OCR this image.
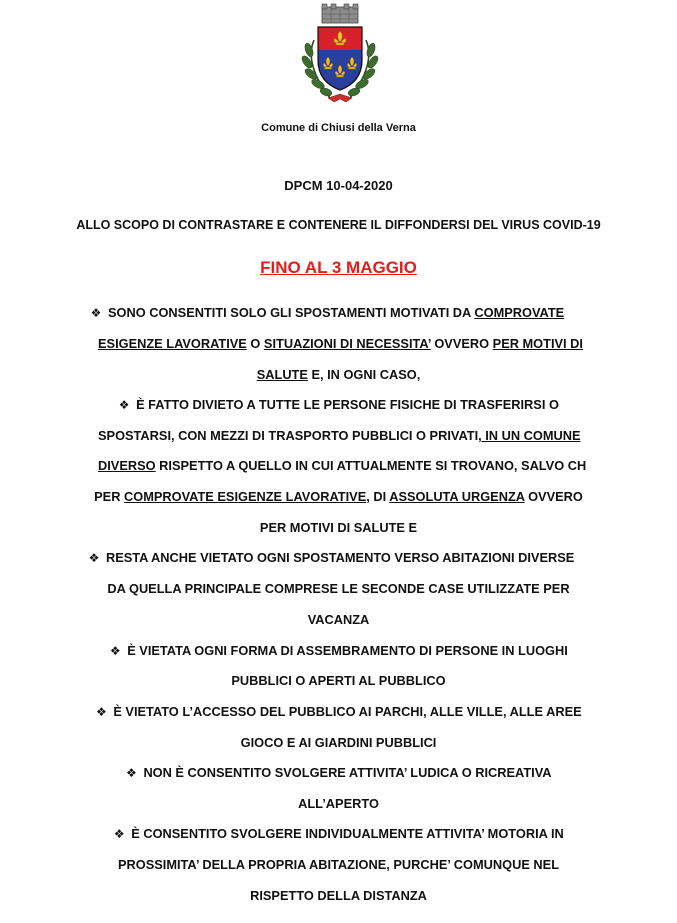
Comune di Chiusi della Verna
DPCM 10-04-2020
ALLO SCOPO DI CONTRASTARE E CONTENERE IL DIFFONDERSI DEL VIRUS COVID-19
FINO AL 3 MAGGIO
❖ SONO CONSENTITI SOLO GLI SPOSTAMENTI MOTIVATI DA COMPROVATE
ESIGENZE LAVORATIVE O SITUAZIONI DI NECESSITA’ OVVERO PER MOTIVI DI
SALUTE E, IN OGNI CASO,
❖ È FATTO DIVIETO A TUTTE LE PERSONE FISICHE DI TRASFERIRSI O
SPOSTARSI, CON MEZZI DI TRASPORTO PUBBLICI O PRIVATI, IN UN COMUNE
DIVERSO RISPETTO A QUELLO IN CUI ATTUALMENTE SI TROVANO, SALVO CH
PER COMPROVATE ESIGENZE LAVORATIVE, DI ASSOLUTA URGENZA OVVERO
PER MOTIVI DI SALUTE E
❖ RESTA ANCHE VIETATO OGNI SPOSTAMENTO VERSO ABITAZIONI DIVERSE
DA QUELLA PRINCIPALE COMPRESE LE SECONDE CASE UTILIZZATE PER
VACANZA
❖ È VIETATA OGNI FORMA DI ASSEMBRAMENTO DI PERSONE IN LUOGHI
PUBBLICI O APERTI AL PUBBLICO
❖ È VIETATO L’ACCESSO DEL PUBBLICO AI PARCHI, ALLE VILLE, ALLE AREE
GIOCO E AI GIARDINI PUBBLICI
❖ NON È CONSENTITO SVOLGERE ATTIVITA’ LUDICA O RICREATIVA
ALL’APERTO
❖ È CONSENTITO SVOLGERE INDIVIDUALMENTE ATTIVITA’ MOTORIA IN
PROSSIMITA’ DELLA PROPRIA ABITAZIONE, PURCHE’ COMUNQUE NEL
RISPETTO DELLA DISTANZA
